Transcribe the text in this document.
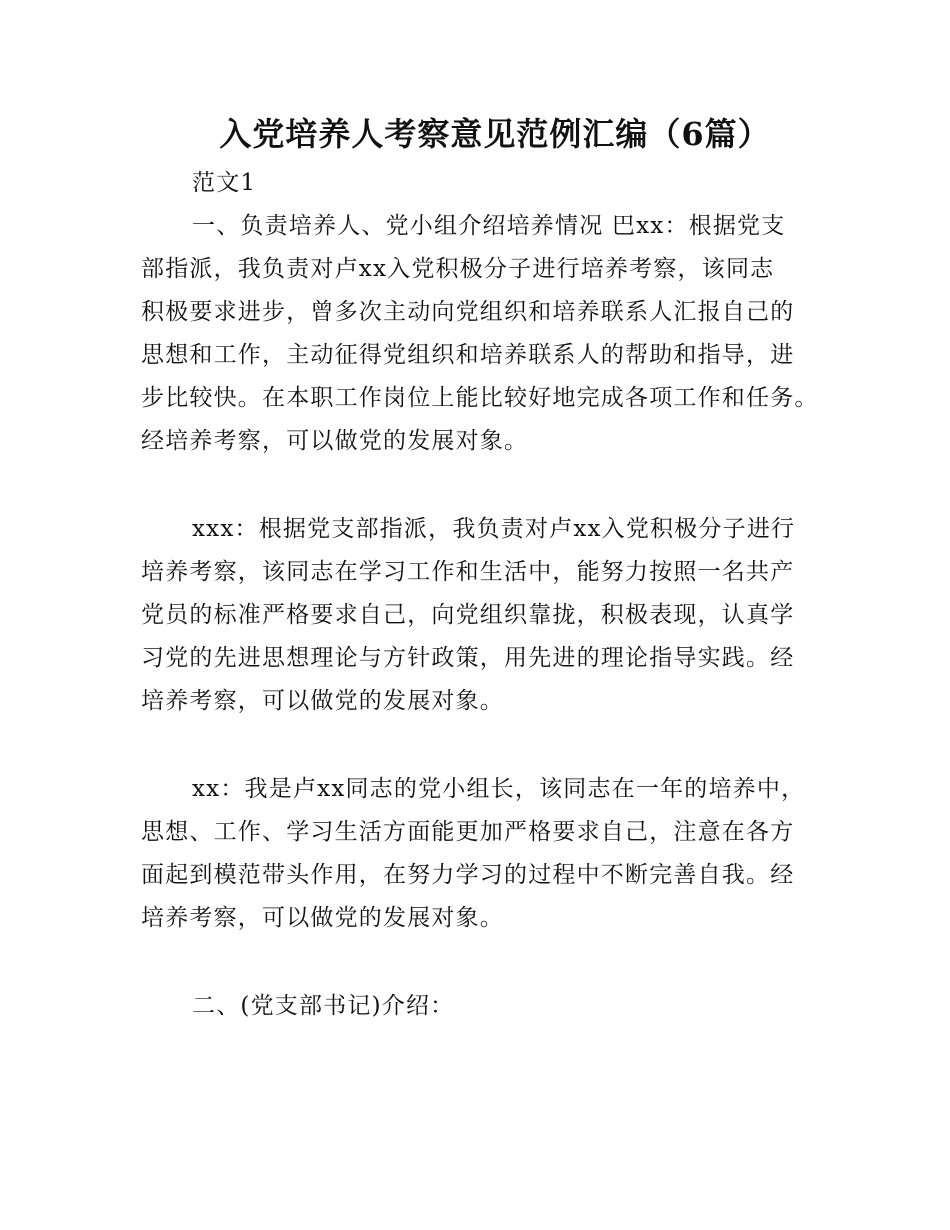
入党培养人考察意见范例汇编（6篇）
范文1
一、负责培养人、党小组介绍培养情况 巴xx：根据党支
部指派，我负责对卢xx入党积极分子进行培养考察，该同志
积极要求进步，曾多次主动向党组织和培养联系人汇报自己的
思想和工作，主动征得党组织和培养联系人的帮助和指导，进
步比较快。在本职工作岗位上能比较好地完成各项工作和任务。
经培养考察，可以做党的发展对象。
xxx：根据党支部指派，我负责对卢xx入党积极分子进行
培养考察，该同志在学习工作和生活中，能努力按照一名共产
党员的标准严格要求自己，向党组织靠拢，积极表现，认真学
习党的先进思想理论与方针政策，用先进的理论指导实践。经
培养考察，可以做党的发展对象。
xx：我是卢xx同志的党小组长，该同志在一年的培养中，
思想、工作、学习生活方面能更加严格要求自己，注意在各方
面起到模范带头作用，在努力学习的过程中不断完善自我。经
培养考察，可以做党的发展对象。
二、(党支部书记)介绍：
